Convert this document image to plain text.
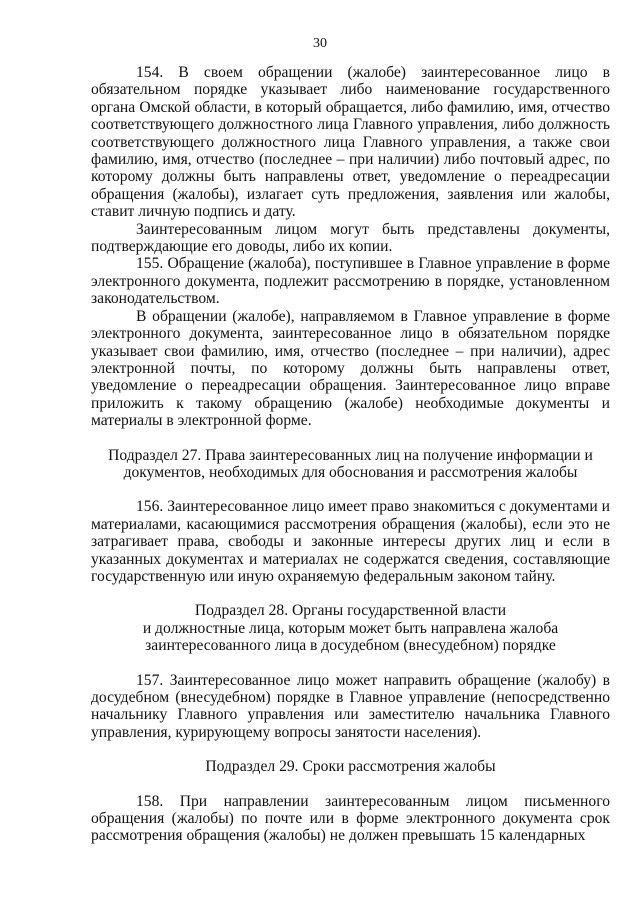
30

154. В своем обращении (жалобе) заинтересованное лицо в обязательном порядке указывает либо наименование государственного органа Омской области, в который обращается, либо фамилию, имя, отчество соответствующего должностного лица Главного управления, либо должность соответствующего должностного лица Главного управления, а также свои фамилию, имя, отчество (последнее – при наличии) либо почтовый адрес, по которому должны быть направлены ответ, уведомление о переадресации обращения (жалобы), излагает суть предложения, заявления или жалобы, ставит личную подпись и дату.

Заинтересованным лицом могут быть представлены документы, подтверждающие его доводы, либо их копии.

155. Обращение (жалоба), поступившее в Главное управление в форме электронного документа, подлежит рассмотрению в порядке, установленном законодательством.

В обращении (жалобе), направляемом в Главное управление в форме электронного документа, заинтересованное лицо в обязательном порядке указывает свои фамилию, имя, отчество (последнее – при наличии), адрес электронной почты, по которому должны быть направлены ответ, уведомление о переадресации обращения. Заинтересованное лицо вправе приложить к такому обращению (жалобе) необходимые документы и материалы в электронной форме.

Подраздел 27. Права заинтересованных лиц на получение информации и

документов, необходимых для обоснования и рассмотрения жалобы

156. Заинтересованное лицо имеет право знакомиться с документами и материалами, касающимися рассмотрения обращения (жалобы), если это не затрагивает права, свободы и законные интересы других лиц и если в указанных документах и материалах не содержатся сведения, составляющие государственную или иную охраняемую федеральным законом тайну.

Подраздел 28. Органы государственной власти

и должностные лица, которым может быть направлена жалоба

заинтересованного лица в досудебном (внесудебном) порядке

157. Заинтересованное лицо может направить обращение (жалобу) в досудебном (внесудебном) порядке в Главное управление (непосредственно начальнику Главного управления или заместителю начальника Главного управления, курирующему вопросы занятости населения).

Подраздел 29. Сроки рассмотрения жалобы

158. При направлении заинтересованным лицом письменного обращения (жалобы) по почте или в форме электронного документа срок рассмотрения обращения (жалобы) не должен превышать 15 календарных
